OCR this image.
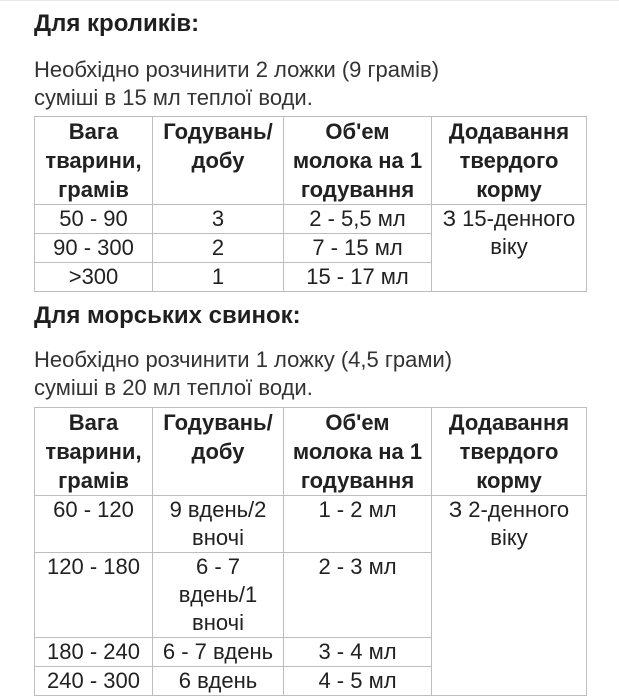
Для кроликів:
Необхідно розчинити 2 ложки (9 грамів)
суміші в 15 мл теплої води.
Вага
тварини,
грамів	Годувань/
добу	Об'ем
молока на 1
годування	Додавання
твердого
корму

50 - 90	3	2 - 5,5 мл	З 15-денного
віку

90 - 300	2	7 - 15 мл	
>300	1	15 - 17 мл	
Для морських свинок:
Необхідно розчинити 1 ложку (4,5 грами)
суміші в 20 мл теплої води.
Вага
тварини,
грамів	Годувань/
добу	Об'ем
молока на 1
годування	Додавання
твердого
корму

60 - 120	9 вдень/2
вночі	1 - 2 мл	З 2-денного
віку

120 - 180	6 - 7
вдень/1
вночі	2 - 3 мл	
180 - 240	6 - 7 вдень	3 - 4 мл	
240 - 300	6 вдень	4 - 5 мл	
